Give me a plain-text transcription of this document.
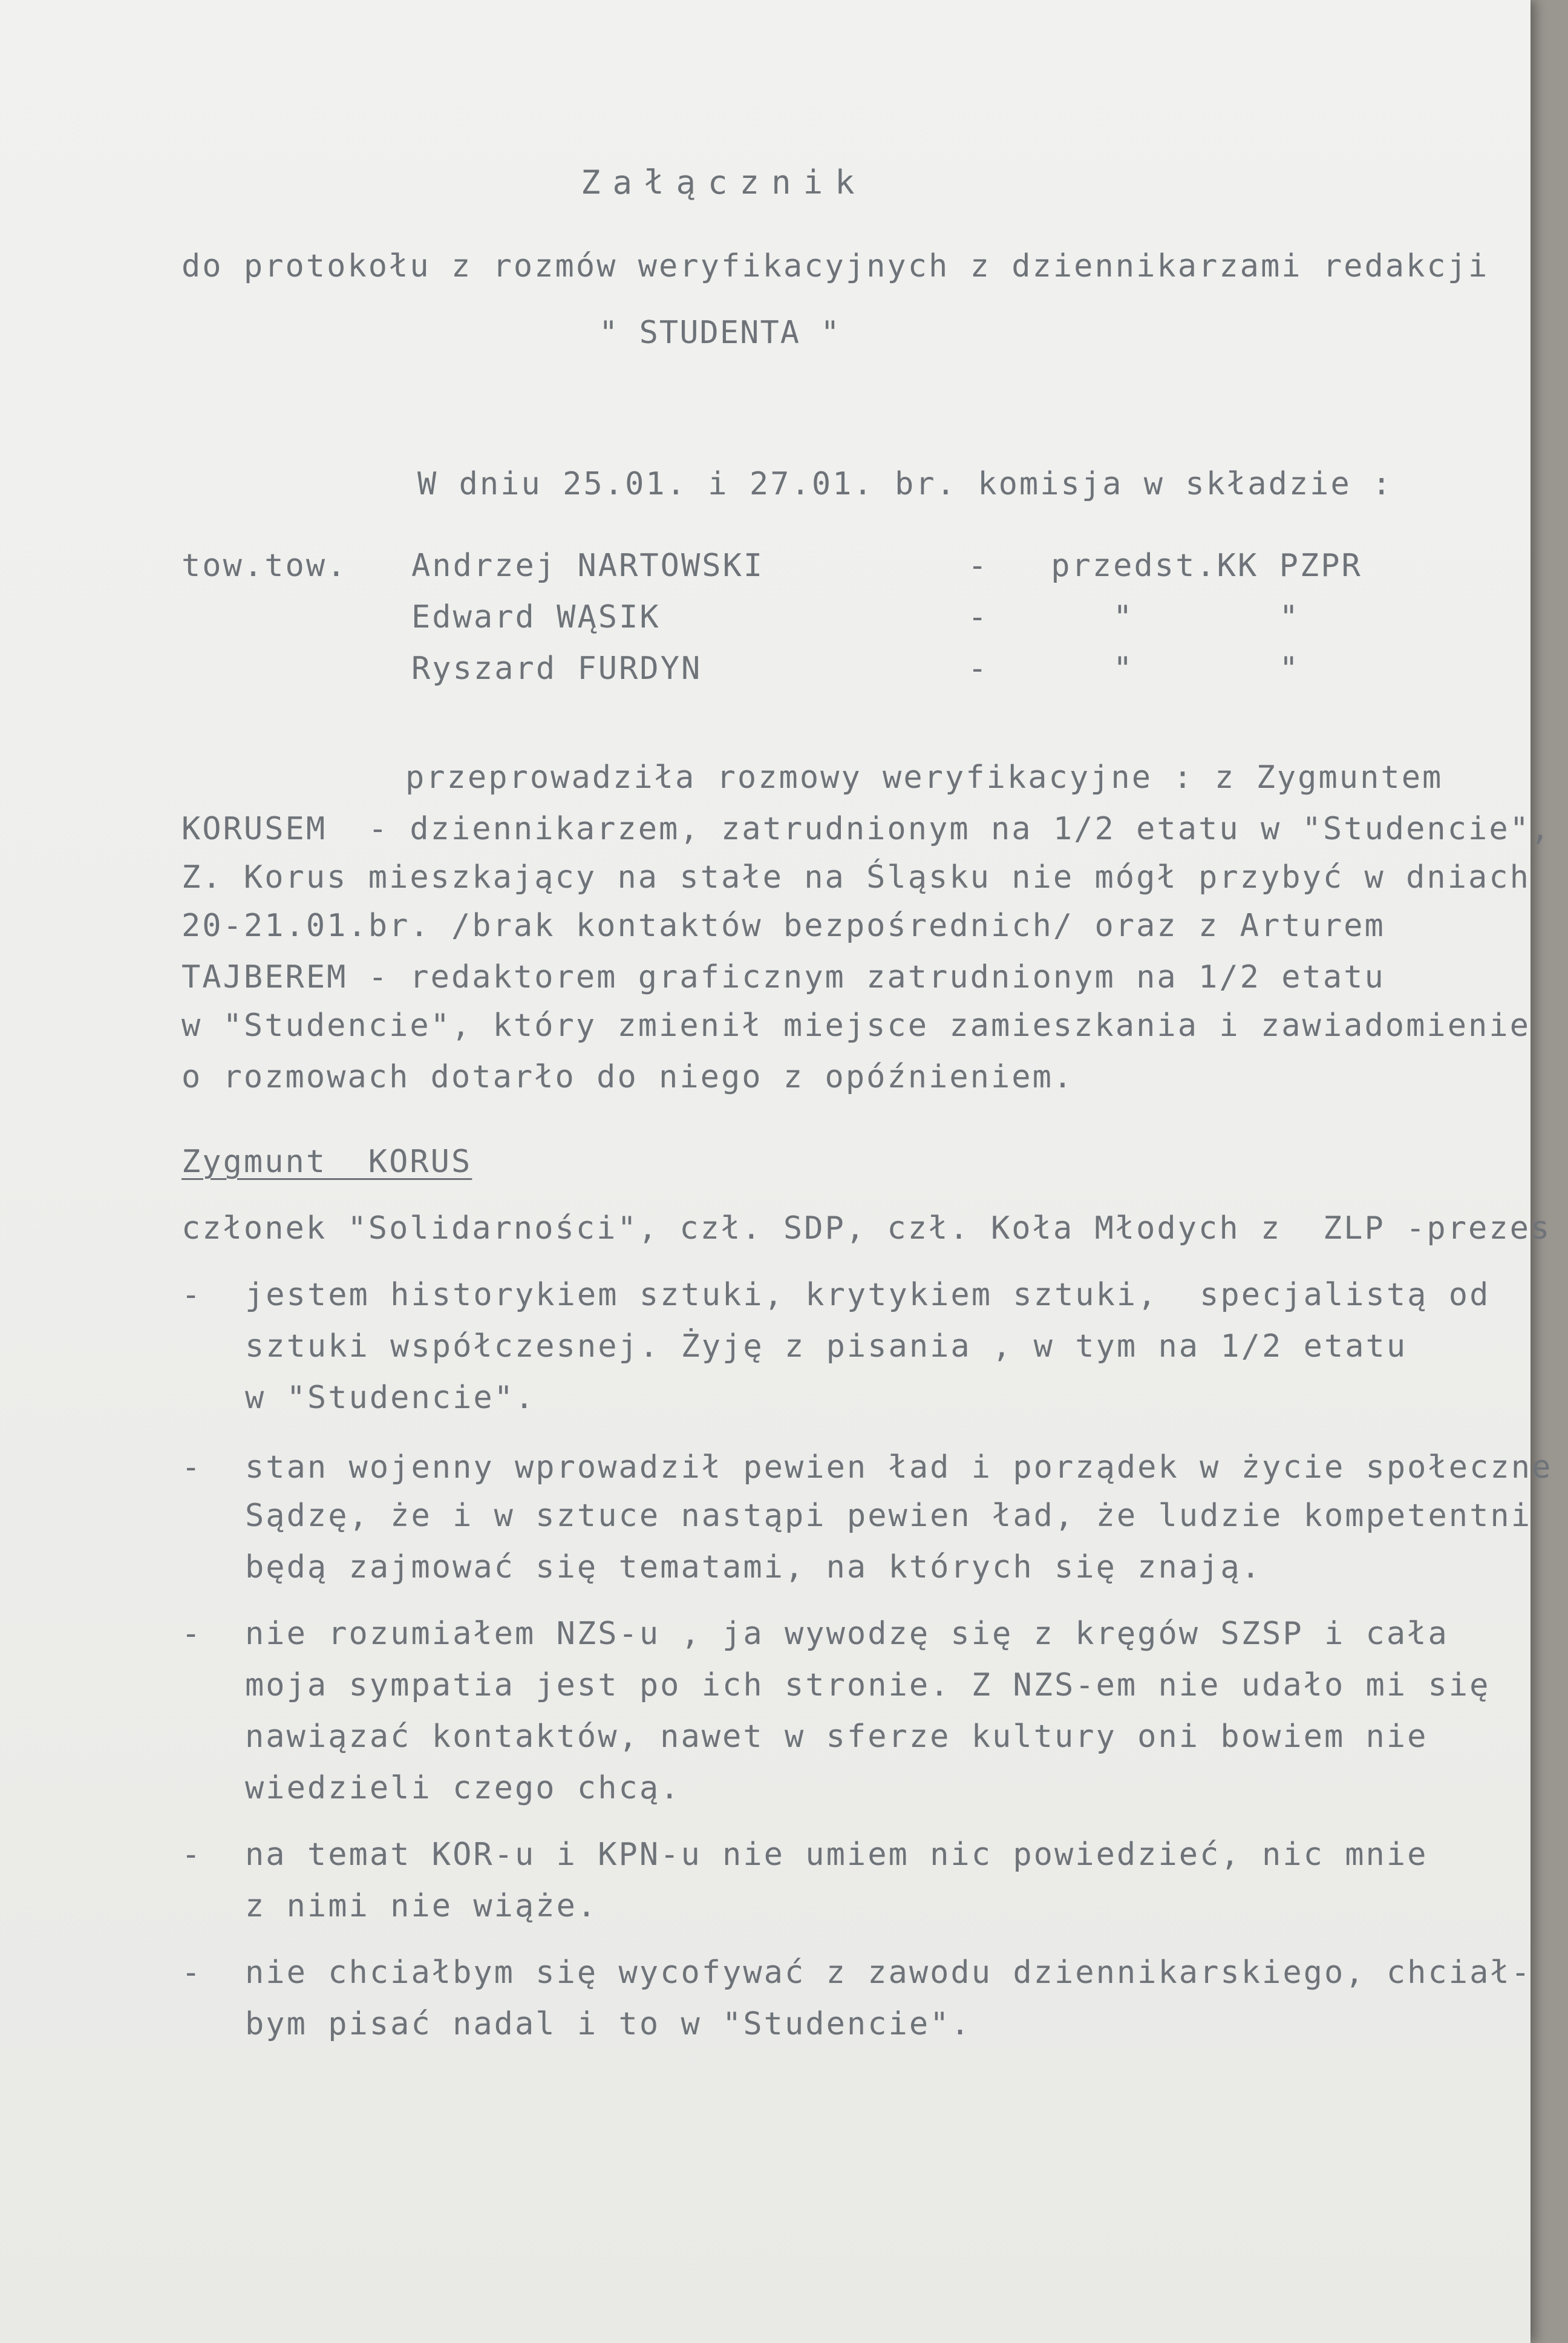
Załącznik
do protokołu z rozmów weryfikacyjnych z dziennikarzami redakcji
" STUDENTA "
W dniu 25.01. i 27.01. br. komisja w składzie :
tow.tow. Andrzej NARTOWSKI	-   przedst.KK PZPR
Edward WĄSIK	-      "       "
Ryszard FURDYN	-      "       "
przeprowadziła rozmowy weryfikacyjne : z Zygmuntem
KORUSEM  - dziennikarzem, zatrudnionym na 1/2 etatu w "Studencie",
Z. Korus mieszkający na stałe na Śląsku nie mógł przybyć w dniach
20-21.01.br. /brak kontaktów bezpośrednich/ oraz z Arturem
TAJBEREM - redaktorem graficznym zatrudnionym na 1/2 etatu
w "Studencie", który zmienił miejsce zamieszkania i zawiadomienie
o rozmowach dotarło do niego z opóźnieniem.
Zygmunt  KORUS
członek "Solidarności", czł. SDP, czł. Koła Młodych z  ZLP -prezes
- jestem historykiem sztuki, krytykiem sztuki,  specjalistą od
sztuki współczesnej. Żyję z pisania , w tym na 1/2 etatu
w "Studencie".
- stan wojenny wprowadził pewien ład i porządek w życie społeczne
Sądzę, że i w sztuce nastąpi pewien ład, że ludzie kompetentni
będą zajmować się tematami, na których się znają.
- nie rozumiałem NZS-u , ja wywodzę się z kręgów SZSP i cała
moja sympatia jest po ich stronie. Z NZS-em nie udało mi się
nawiązać kontaktów, nawet w sferze kultury oni bowiem nie
wiedzieli czego chcą.
- na temat KOR-u i KPN-u nie umiem nic powiedzieć, nic mnie
z nimi nie wiąże.
- nie chciałbym się wycofywać z zawodu dziennikarskiego, chciał-
bym pisać nadal i to w "Studencie".
